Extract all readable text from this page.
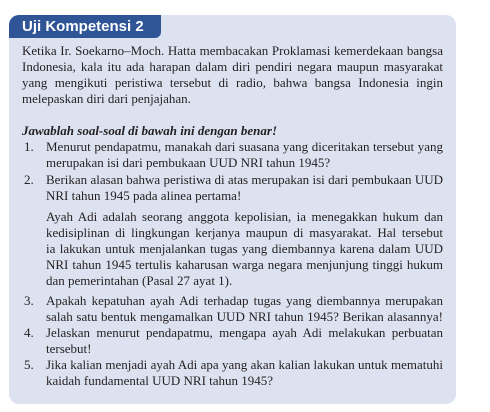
Uji Kompetensi 2
Ketika Ir. Soekarno–Moch. Hatta membacakan Proklamasi kemerdekaan bangsa
Indonesia, kala itu ada harapan dalam diri pendiri negara maupun masyarakat
yang mengikuti peristiwa tersebut di radio, bahwa bangsa Indonesia ingin
melepaskan diri dari penjajahan.
Jawablah soal-soal di bawah ini dengan benar!
1. Menurut pendapatmu, manakah dari suasana yang diceritakan tersebut yang
merupakan isi dari pembukaan UUD NRI tahun 1945?
2. Berikan alasan bahwa peristiwa di atas merupakan isi dari pembukaan UUD
NRI tahun 1945 pada alinea pertama!
Ayah Adi adalah seorang anggota kepolisian, ia menegakkan hukum dan
kedisiplinan di lingkungan kerjanya maupun di masyarakat. Hal tersebut
ia lakukan untuk menjalankan tugas yang diembannya karena dalam UUD
NRI tahun 1945 tertulis kaharusan warga negara menjunjung tinggi hukum
dan pemerintahan (Pasal 27 ayat 1).
3. Apakah kepatuhan ayah Adi terhadap tugas yang diembannya merupakan
salah satu bentuk mengamalkan UUD NRI tahun 1945? Berikan alasannya!
4. Jelaskan menurut pendapatmu, mengapa ayah Adi melakukan perbuatan
tersebut!
5. Jika kalian menjadi ayah Adi apa yang akan kalian lakukan untuk mematuhi
kaidah fundamental UUD NRI tahun 1945?
